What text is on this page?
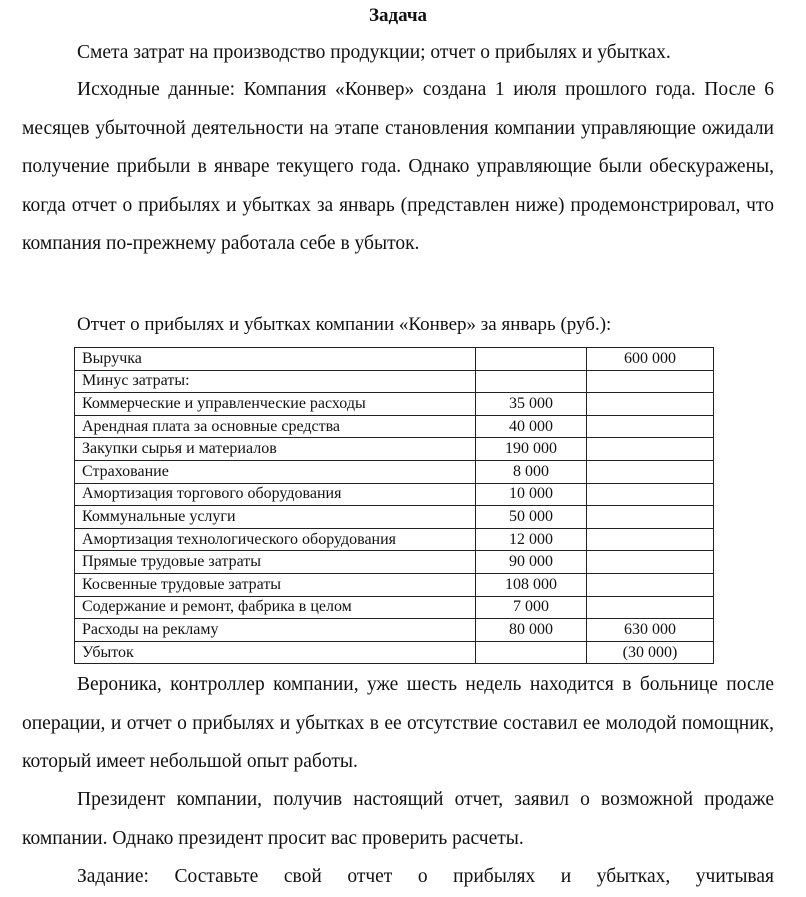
Задача

Смета затрат на производство продукции; отчет о прибылях и убытках.

Исходные данные: Компания «Конвер» создана 1 июля прошлого года. После 6 месяцев убыточной деятельности на этапе становления компании управляющие ожидали получение прибыли в январе текущего года. Однако управляющие были обескуражены, когда отчет о прибылях и убытках за январь (представлен ниже) продемонстрировал, что компания по-прежнему работала себе в убыток.

Отчет о прибылях и убытках компании «Конвер» за январь (руб.):

Выручка		600 000
Минус затраты:		
Коммерческие и управленческие расходы	35 000	
Арендная плата за основные средства	40 000	
Закупки сырья и материалов	190 000	
Страхование	8 000	
Амортизация торгового оборудования	10 000	
Коммунальные услуги	50 000	
Амортизация технологического оборудования	12 000	
Прямые трудовые затраты	90 000	
Косвенные трудовые затраты	108 000	
Содержание и ремонт, фабрика в целом	7 000	
Расходы на рекламу	80 000	630 000
Убыток		(30 000)

Вероника, контроллер компании, уже шесть недель находится в больнице после операции, и отчет о прибылях и убытках в ее отсутствие составил ее молодой помощник, который имеет небольшой опыт работы.

Президент компании, получив настоящий отчет, заявил о возможной продаже компании. Однако президент просит вас проверить расчеты.

Задание: Составьте свой отчет о прибылях и убытках, учитывая
